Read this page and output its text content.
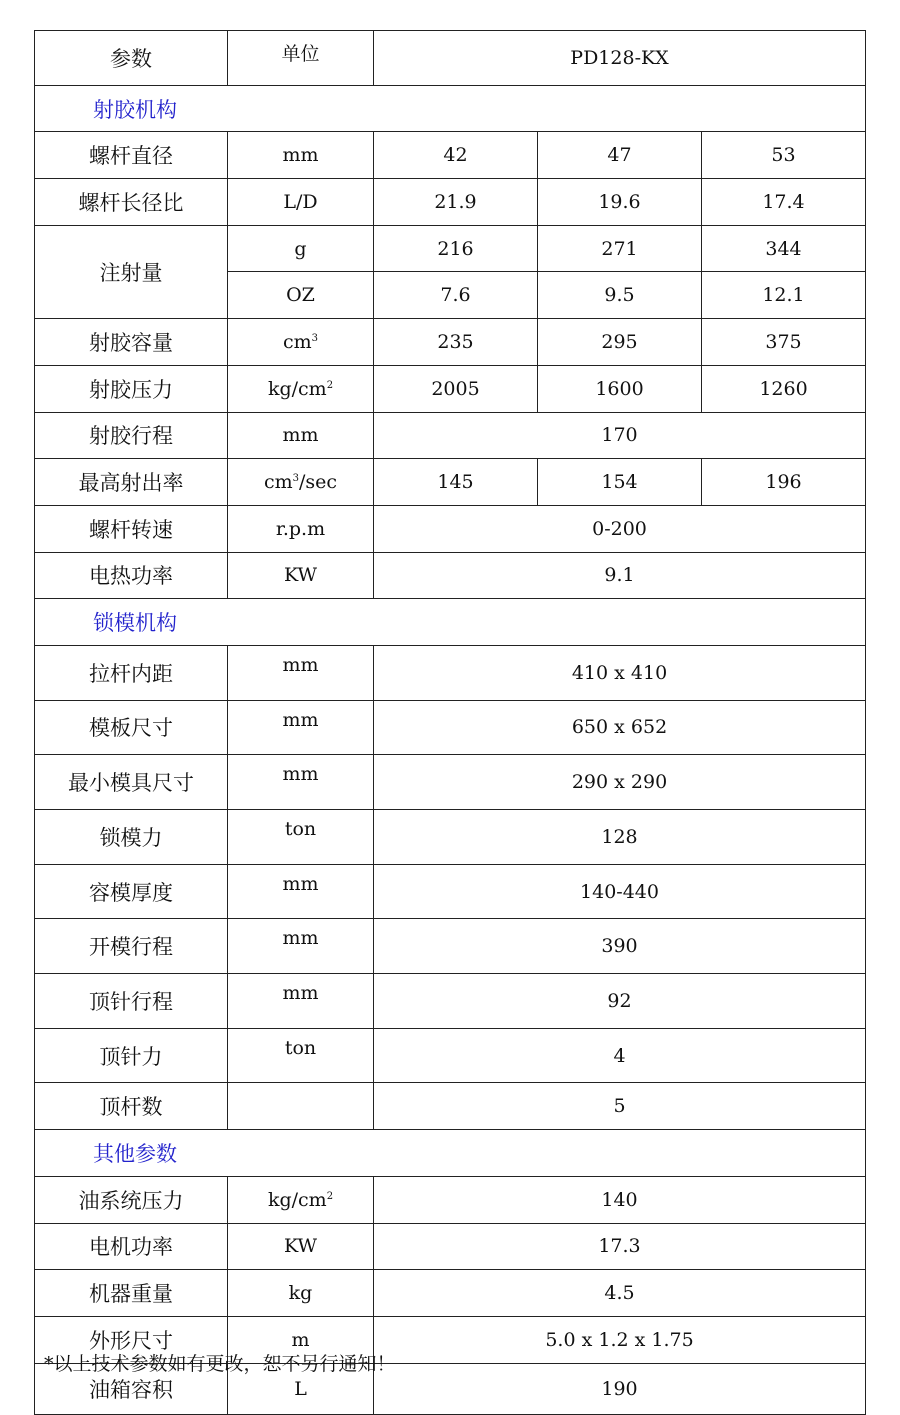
参数	单位	PD128-KX		
射胶机构				
螺杆直径	mm	42	47	53
螺杆长径比	L/D	21.9	19.6	17.4
注射量	g	216	271	344
	OZ	7.6	9.5	12.1
射胶容量	$cm^3$	235	295	375
射胶压力	$kg/cm^2$	2005	1600	1260
射胶行程	mm	170		
最高射出率	$cm^3/\sec$	145	154	196
螺杆转速	r.p.m	0-200		
电热功率	KW	9.1		
锁模机构				
拉杆内距	mm	410 x 410		
模板尺寸	mm	650 x 652		
最小模具尺寸	mm	290 x 290		
锁模力	ton	128		
容模厚度	mm	140-440		
开模行程	mm	390		
顶针行程	mm	92		
顶针力	ton	4		
顶杆数		5		
其他参数				
油系统压力	$kg/cm^2$	140		
电机功率	KW	17.3		
机器重量	kg	4.5		
外形尺寸	m	5.0 x 1.2 x 1.75		
油箱容积	L	190		
*以上技术参数如有更改，恕不另行通知！
